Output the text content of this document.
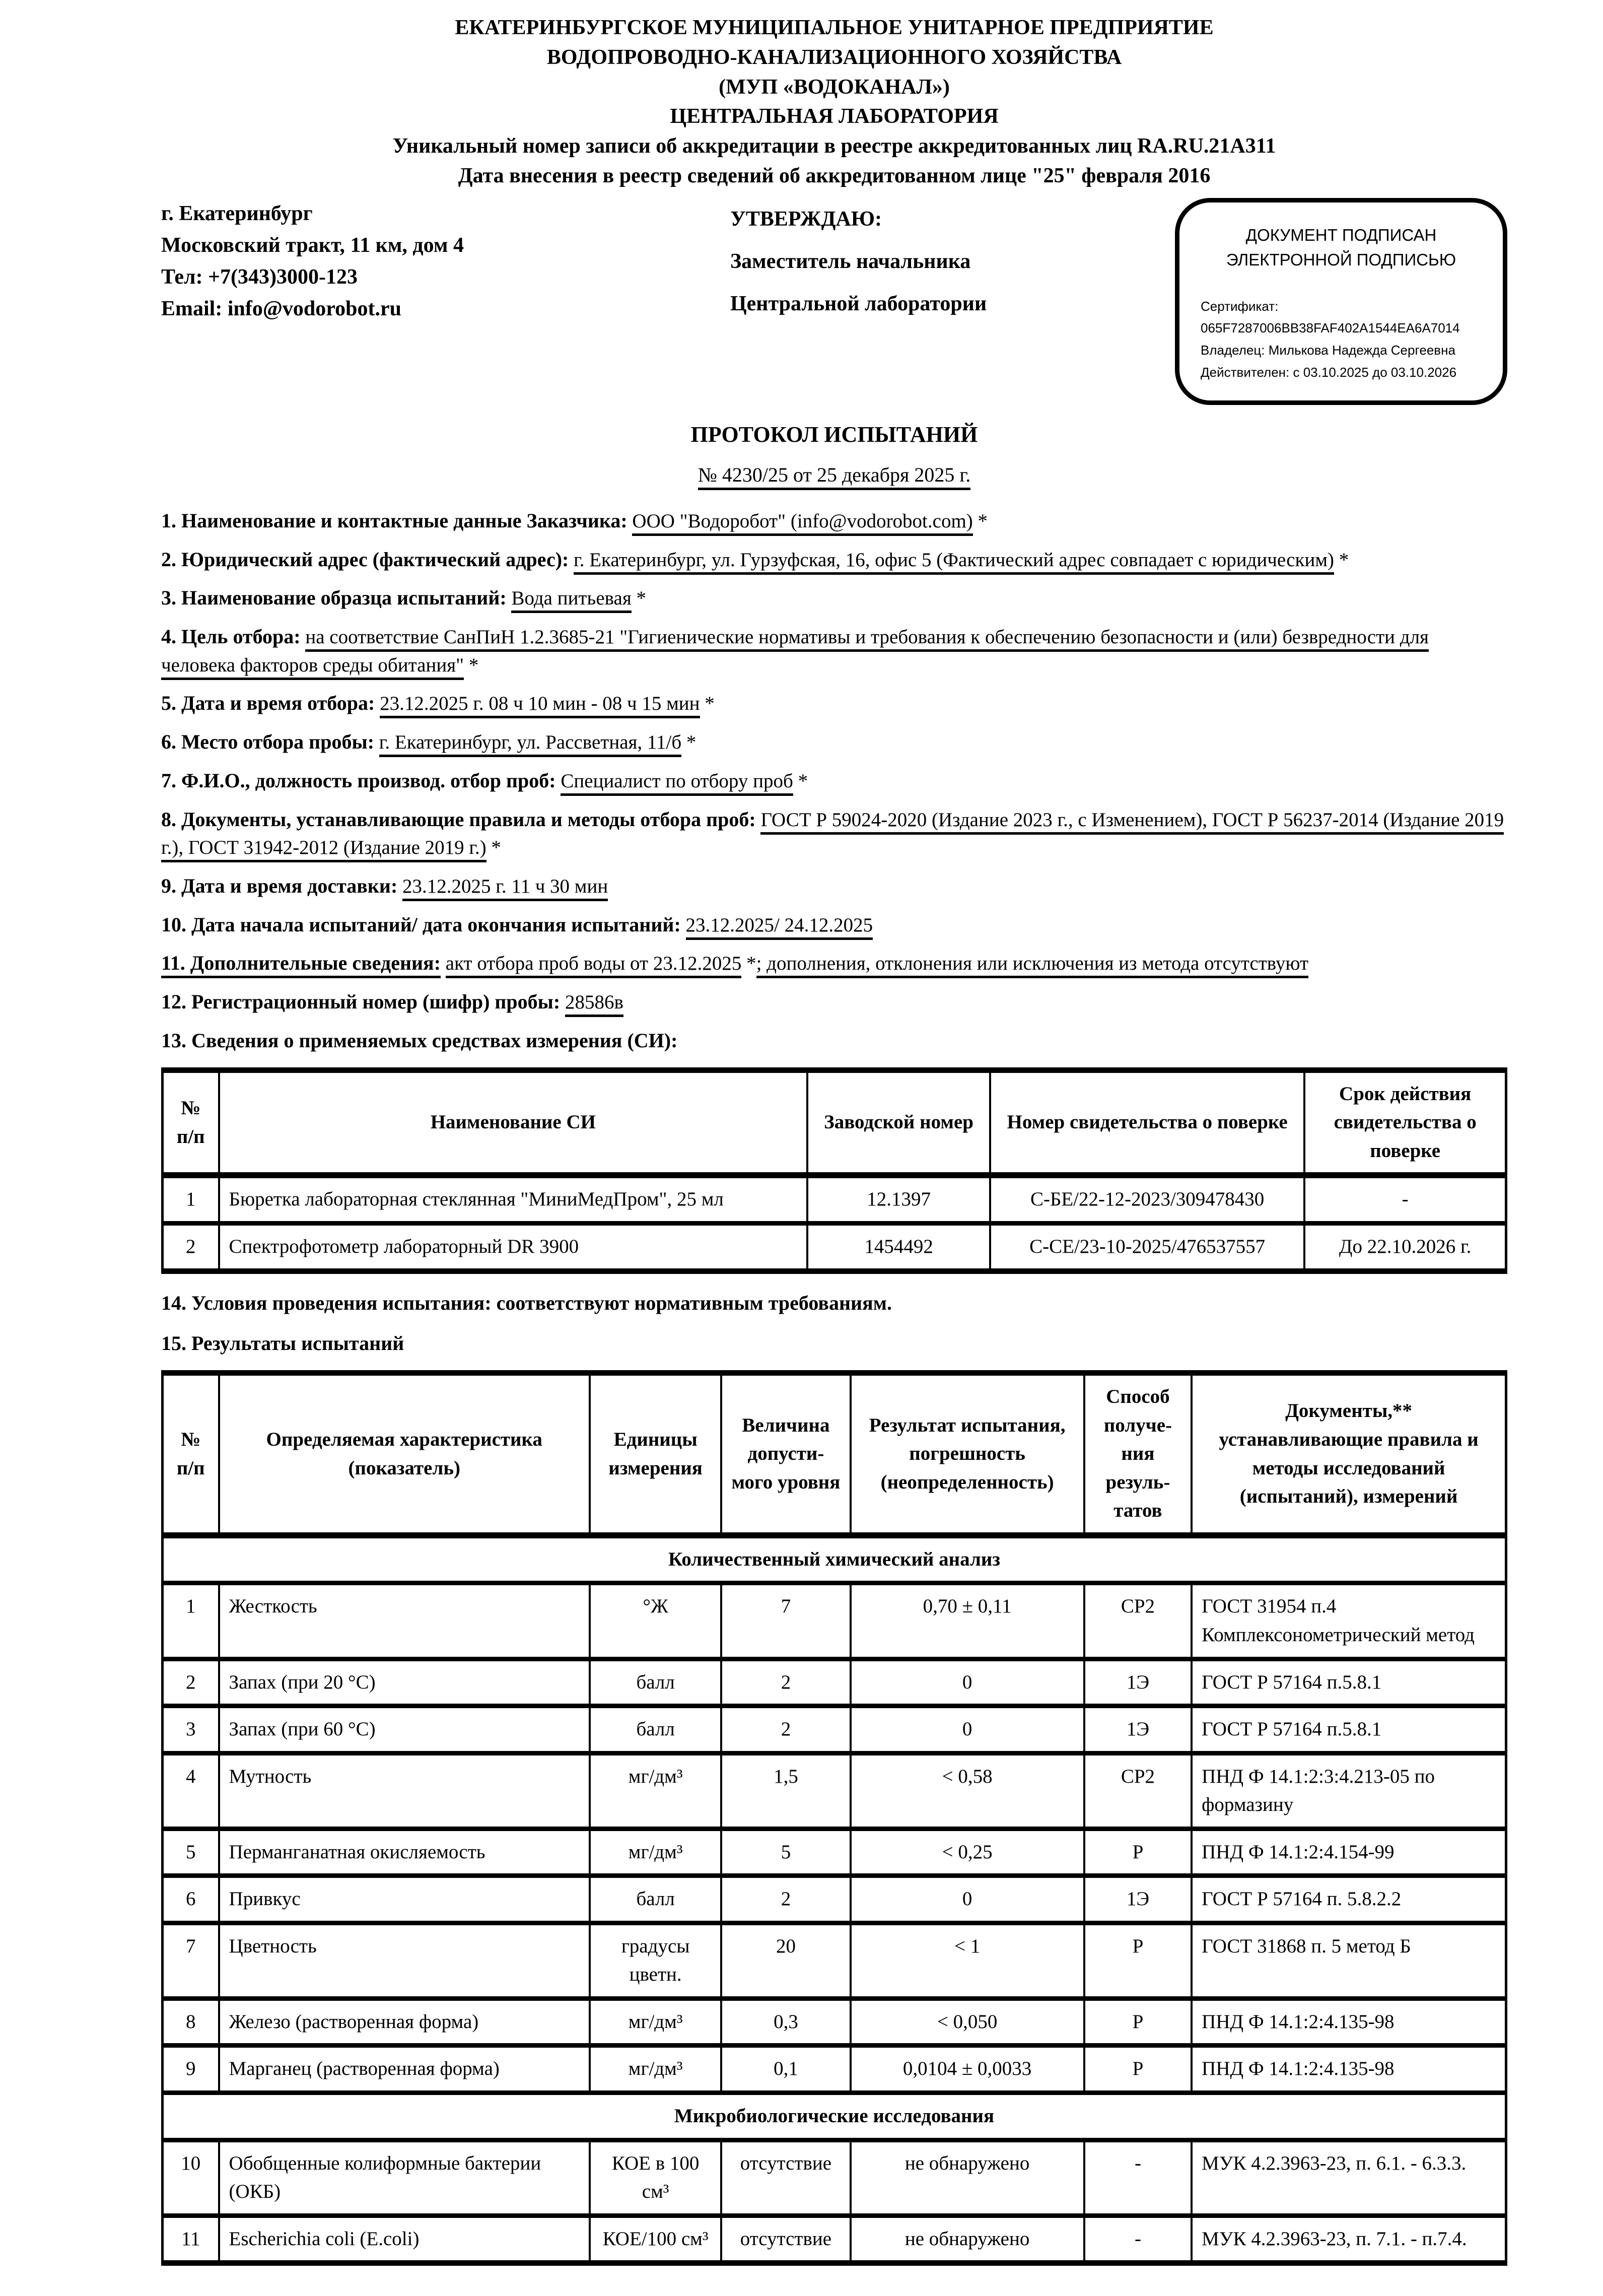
ЕКАТЕРИНБУРГСКОЕ МУНИЦИПАЛЬНОЕ УНИТАРНОЕ ПРЕДПРИЯТИЕ

ВОДОПРОВОДНО-КАНАЛИЗАЦИОННОГО ХОЗЯЙСТВА

(МУП «ВОДОКАНАЛ»)

ЦЕНТРАЛЬНАЯ ЛАБОРАТОРИЯ

Уникальный номер записи об аккредитации в реестре аккредитованных лиц RA.RU.21A311

Дата внесения в реестр сведений об аккредитованном лице "25" февраля 2016

г. Екатеринбург

Московский тракт, 11 км, дом 4

Тел: +7(343)3000-123

Email: info@vodorobot.ru

УТВЕРЖДАЮ:

Заместитель начальника

Центральной лаборатории

ДОКУМЕНТ ПОДПИСАН

ЭЛЕКТРОННОЙ ПОДПИСЬЮ

Сертификат: 065F7287006BB38FAF402A1544EA6A7014

Владелец: Милькова Надежда Сергеевна

Действителен: с 03.10.2025 до 03.10.2026

ПРОТОКОЛ ИСПЫТАНИЙ

№ 4230/25 от 25 декабря 2025 г.

1. Наименование и контактные данные Заказчика: ООО "Водоробот" (info@vodorobot.com) *

2. Юридический адрес (фактический адрес): г. Екатеринбург, ул. Гурзуфская, 16, офис 5 (Фактический адрес совпадает с юридическим) *

3. Наименование образца испытаний: Вода питьевая *

4. Цель отбора: на соответствие СанПиН 1.2.3685-21 "Гигиенические нормативы и требования к обеспечению безопасности и (или) безвредности для человека факторов среды обитания" *

5. Дата и время отбора: 23.12.2025 г. 08 ч 10 мин - 08 ч 15 мин *

6. Место отбора пробы: г. Екатеринбург, ул. Рассветная, 11/б *

7. Ф.И.О., должность производ. отбор проб: Специалист по отбору проб *

8. Документы, устанавливающие правила и методы отбора проб: ГОСТ Р 59024-2020 (Издание 2023 г., с Изменением), ГОСТ Р 56237-2014 (Издание 2019 г.), ГОСТ 31942-2012 (Издание 2019 г.) *

9. Дата и время доставки: 23.12.2025 г. 11 ч 30 мин

10. Дата начала испытаний/ дата окончания испытаний: 23.12.2025/ 24.12.2025

11. Дополнительные сведения: акт отбора проб воды от 23.12.2025 *; дополнения, отклонения или исключения из метода отсутствуют

12. Регистрационный номер (шифр) пробы: 28586в

13. Сведения о применяемых средствах измерения (СИ):

№ п/п	Наименование СИ	Заводской номер	Номер свидетельства о поверке	Срок действия свидетельства о поверке
1	Бюретка лабораторная стеклянная "МиниМедПром", 25 мл	12.1397	С-БЕ/22-12-2023/309478430	-
2	Спектрофотометр лабораторный DR 3900	1454492	С-СЕ/23-10-2025/476537557	До 22.10.2026 г.

14. Условия проведения испытания: соответствуют нормативным требованиям.

15. Результаты испытаний

№ п/п	Определяемая характеристика (показатель)	Единицы измерения	Величина допусти-мого уровня	Результат испытания, погрешность (неопределенность)	Способ получе-ния резуль-татов	Документы,** устанавливающие правила и методы исследований (испытаний), измерений
Количественный химический анализ						
1	Жесткость	°Ж	7	0,70 ± 0,11	СР2	ГОСТ 31954 п.4 Комплексонометрический метод
2	Запах (при 20 °С)	балл	2	0	1Э	ГОСТ Р 57164 п.5.8.1
3	Запах (при 60 °С)	балл	2	0	1Э	ГОСТ Р 57164 п.5.8.1
4	Мутность	мг/дм³	1,5	< 0,58	СР2	ПНД Ф 14.1:2:3:4.213-05 по формазину
5	Перманганатная окисляемость	мг/дм³	5	< 0,25	Р	ПНД Ф 14.1:2:4.154-99
6	Привкус	балл	2	0	1Э	ГОСТ Р 57164 п. 5.8.2.2
7	Цветность	градусы цветн.	20	< 1	Р	ГОСТ 31868 п. 5 метод Б
8	Железо (растворенная форма)	мг/дм³	0,3	< 0,050	Р	ПНД Ф 14.1:2:4.135-98
9	Марганец (растворенная форма)	мг/дм³	0,1	0,0104 ± 0,0033	Р	ПНД Ф 14.1:2:4.135-98
Микробиологические исследования						
10	Обобщенные колиформные бактерии (ОКБ)	КОЕ в 100 см³	отсутствие	не обнаружено	-	МУК 4.2.3963-23, п. 6.1. - 6.3.3.
11	Escherichia coli (E.coli)	КОЕ/100 см³	отсутствие	не обнаружено	-	МУК 4.2.3963-23, п. 7.1. - п.7.4.
